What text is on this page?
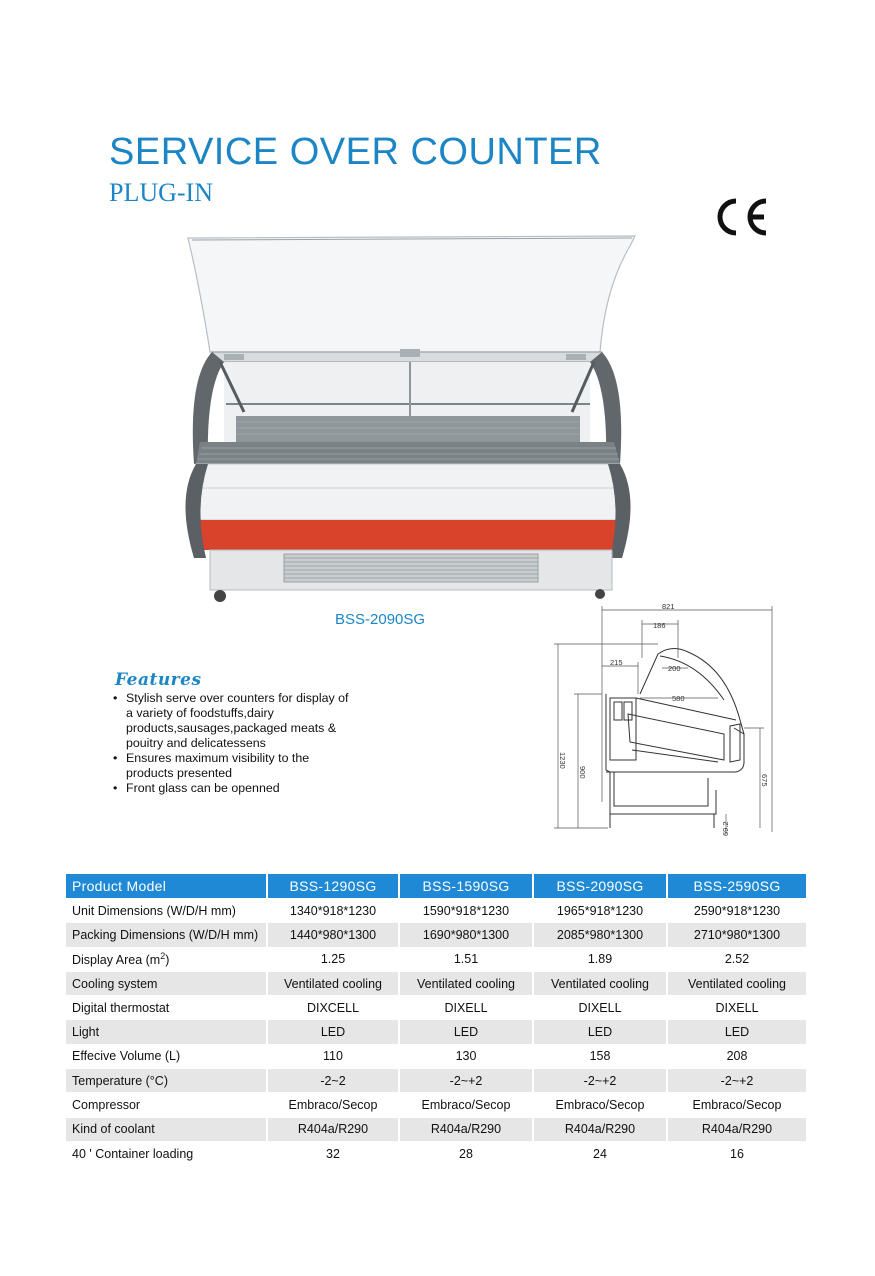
SERVICE OVER COUNTER
PLUG-IN
BSS-2090SG
Features
• Stylish serve over counters for display of a variety of foodstuffs,dairy products,sausages,packaged meats & pouitry and delicatessens
• Ensures maximum visibility to the products presented
• Front glass can be openned
821
186
215
200
580
1230
900
675
69.2
Product Model	BSS-1290SG	BSS-1590SG	BSS-2090SG	BSS-2590SG
Unit Dimensions (W/D/H mm)	1340*918*1230	1590*918*1230	1965*918*1230	2590*918*1230
Packing Dimensions (W/D/H mm)	1440*980*1300	1690*980*1300	2085*980*1300	2710*980*1300
Display Area $(m^2)$	1.25	1.51	1.89	2.52
Cooling system	Ventilated cooling	Ventilated cooling	Ventilated cooling	Ventilated cooling
Digital thermostat	DIXCELL	DIXELL	DIXELL	DIXELL
Light	LED	LED	LED	LED
Effecive Volume (L)	110	130	158	208
Temperature (°C)	-2~2	-2~+2	-2~+2	-2~+2
Compressor	Embraco/Secop	Embraco/Secop	Embraco/Secop	Embraco/Secop
Kind of coolant	R404a/R290	R404a/R290	R404a/R290	R404a/R290
40 ' Container loading	32	28	24	16
